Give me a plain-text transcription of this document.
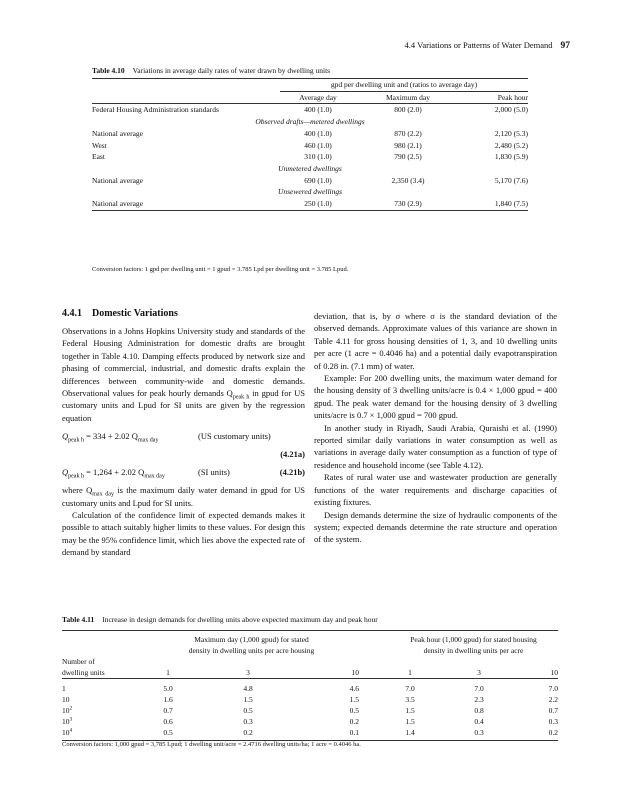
4.4 Variations or Patterns of Water Demand 97
Table 4.10 Variations in average daily rates of water drawn by dwelling units
	gpd per dwelling unit and (ratios to average day)		
	Average day	Maximum day	Peak hour
Federal Housing Administration standards	400 (1.0)	800 (2.0)	2,000 (5.0)
Observed drafts—metered dwellings			
National average	400 (1.0)	870 (2.2)	2,120 (5.3)
West	460 (1.0)	980 (2.1)	2,480 (5.2)
East	310 (1.0)	790 (2.5)	1,830 (5.9)
Unmetered dwellings			
National average	690 (1.0)	2,350 (3.4)	5,170 (7.6)
Unsewered dwellings			
National average	250 (1.0)	730 (2.9)	1,840 (7.5)
Conversion factors: 1 gpd per dwelling unit = 1 gpud = 3.785 Lpd per dwelling unit = 3.785 Lpud.
4.4.1 Domestic Variations

Observations in a Johns Hopkins University study and standards of the Federal Housing Administration for domestic drafts are brought together in Table 4.10. Damping effects produced by network size and phasing of commercial, industrial, and domestic drafts explain the differences between community-wide and domestic demands. Observational values for peak hourly demands $Q_{peak h}$ in gpud for US customary units and Lpud for SI units are given by the regression equation

$Q_{peak h} = 334 + 2.02$ $Q_{max day}$	(US customary units)
(4.21a)
$Q_{peak h} = 1,264 + 2.02$ $Q_{max day}$	(SI units)	(4.21b)

where $Q_{max day}$ is the maximum daily water demand in gpud for US customary units and Lpud for SI units.

Calculation of the confidence limit of expected demands makes it possible to attach suitably higher limits to these values. For design this may be the 95% confidence limit, which lies above the expected rate of demand by standard

deviation, that is, by σ where σ is the standard deviation of the observed demands. Approximate values of this variance are shown in Table 4.11 for gross housing densities of 1, 3, and 10 dwelling units per acre (1 acre = 0.4046 ha) and a potential daily evapotranspiration of 0.28 in. (7.1 mm) of water.

Example: For 200 dwelling units, the maximum water demand for the housing density of 3 dwelling units/acre is 0.4 × 1,000 gpud = 400 gpud. The peak water demand for the housing density of 3 dwelling units/acre is 0.7 × 1,000 gpud = 700 gpud.

In another study in Riyadh, Saudi Arabia, Quraishi et al. (1990) reported similar daily variations in water consumption as well as variations in average daily water consumption as a function of type of residence and household income (see Table 4.12).

Rates of rural water use and wastewater production are generally functions of the water requirements and discharge capacities of existing fixtures.

Design demands determine the size of hydraulic components of the system; expected demands determine the rate structure and operation of the system.

Table 4.11 Increase in design demands for dwelling units above expected maximum day and peak hour
	Maximum day (1,000 gpud) for stated				Peak hour (1,000 gpud) for stated housing		
	density in dwelling units per acre housing				density in dwelling units per acre		
Number of							
dwelling units	1	3	10		1	3	10
1	5.0	4.8	4.6		7.0	7.0	7.0
10	1.6	1.5	1.5		3.5	2.3	2.2
$10^2$	0.7	0.5	0.5		1.5	0.8	0.7
$10^3$	0.6	0.3	0.2		1.5	0.4	0.3
$10^4$	0.5	0.2	0.1		1.4	0.3	0.2
Conversion factors: 1,000 gpud = 3,785 Lpud; 1 dwelling unit/acre = 2.4716 dwelling units/ha; 1 acre = 0.4046 ha.
